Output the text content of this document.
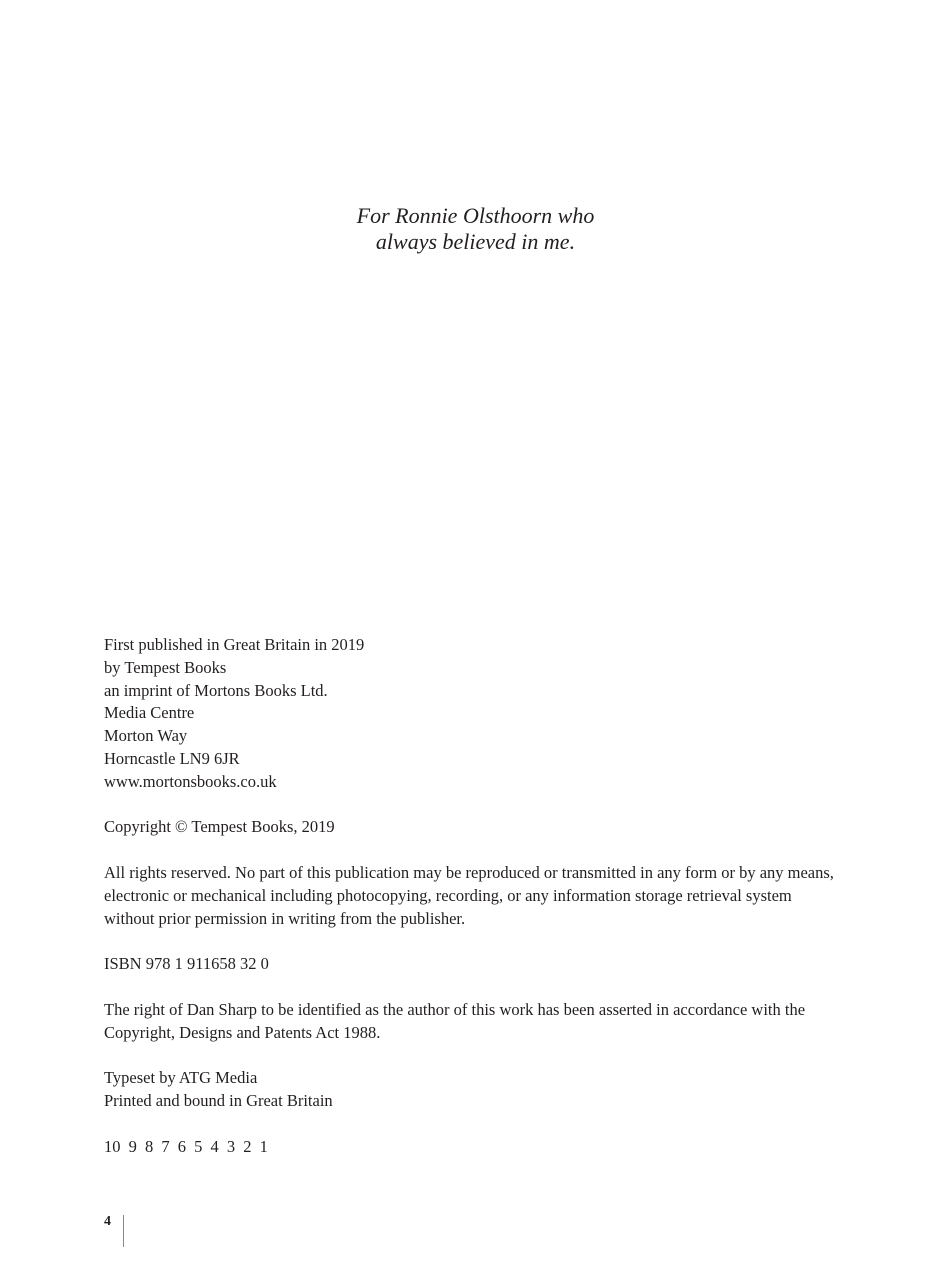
For Ronnie Olsthoorn who
always believed in me.
First published in Great Britain in 2019
by Tempest Books
an imprint of Mortons Books Ltd.
Media Centre
Morton Way
Horncastle LN9 6JR
www.mortonsbooks.co.uk

Copyright © Tempest Books, 2019

All rights reserved. No part of this publication may be reproduced or transmitted in any form or by any means, electronic or mechanical including photocopying, recording, or any information storage retrieval system without prior permission in writing from the publisher.

ISBN 978 1 911658 32 0

The right of Dan Sharp to be identified as the author of this work has been asserted in accordance with the Copyright, Designs and Patents Act 1988.

Typeset by ATG Media
Printed and bound in Great Britain

10 9 8 7 6 5 4 3 2 1

4
